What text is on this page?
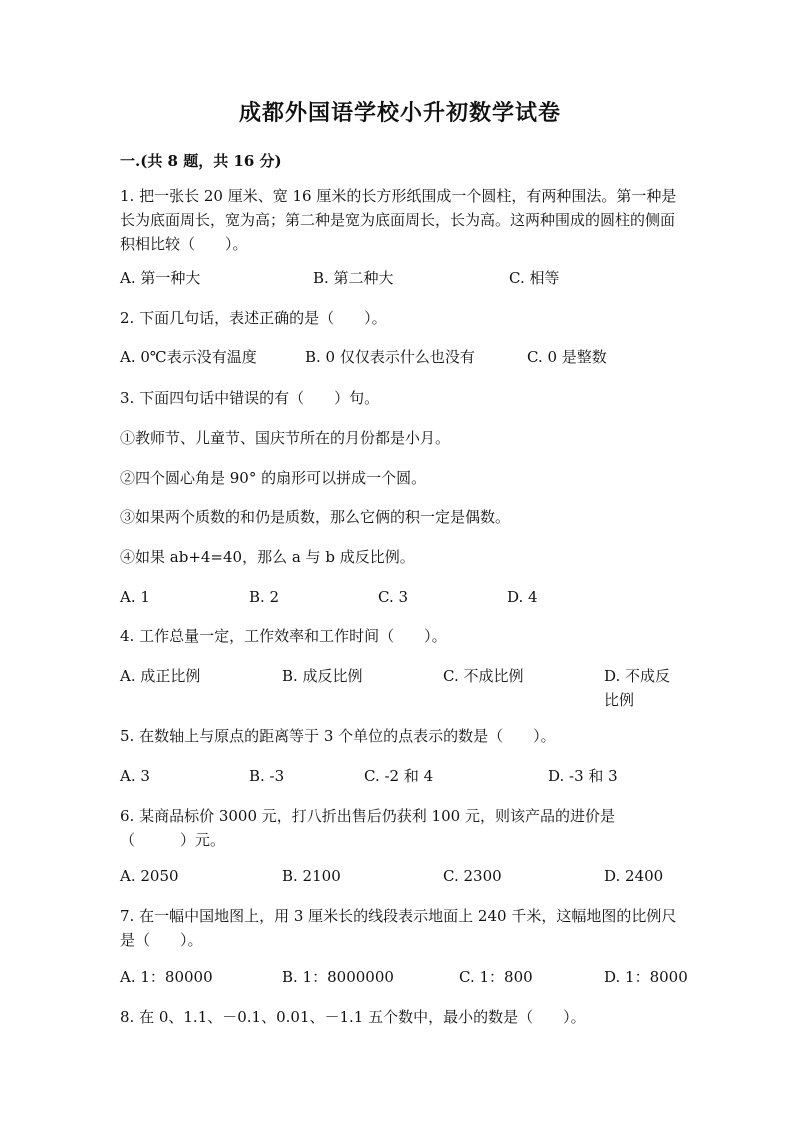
成都外国语学校小升初数学试卷
一.(共 8 题，共 16 分)
1. 把一张长 20 厘米、宽 16 厘米的长方形纸围成一个圆柱，有两种围法。第一种是长为底面周长，宽为高；第二种是宽为底面周长，长为高。这两种围成的圆柱的侧面积相比较（　　）。
A. 第一种大	B. 第二种大	C. 相等
2. 下面几句话，表述正确的是（　　）。
A. 0℃表示没有温度	B. 0 仅仅表示什么也没有	C. 0 是整数
3. 下面四句话中错误的有（　　）句。
①教师节、儿童节、国庆节所在的月份都是小月。
②四个圆心角是 90° 的扇形可以拼成一个圆。
③如果两个质数的和仍是质数，那么它俩的积一定是偶数。
④如果 ab+4=40，那么 a 与 b 成反比例。
A. 1	B. 2	C. 3	D. 4
4. 工作总量一定，工作效率和工作时间（　　）。
A. 成正比例	B. 成反比例	C. 不成比例	D. 不成反比例
5. 在数轴上与原点的距离等于 3 个单位的点表示的数是（　　）。
A. 3	B. -3	C. -2 和 4	D. -3 和 3
6. 某商品标价 3000 元，打八折出售后仍获利 100 元，则该产品的进价是（　　　）元。
A. 2050	B. 2100	C. 2300	D. 2400
7. 在一幅中国地图上，用 3 厘米长的线段表示地面上 240 千米，这幅地图的比例尺是（　　）。
A. 1：80000	B. 1：8000000	C. 1：800	D. 1：8000
8. 在 0、1.1、－0.1、0.01、－1.1 五个数中，最小的数是（　　）。
